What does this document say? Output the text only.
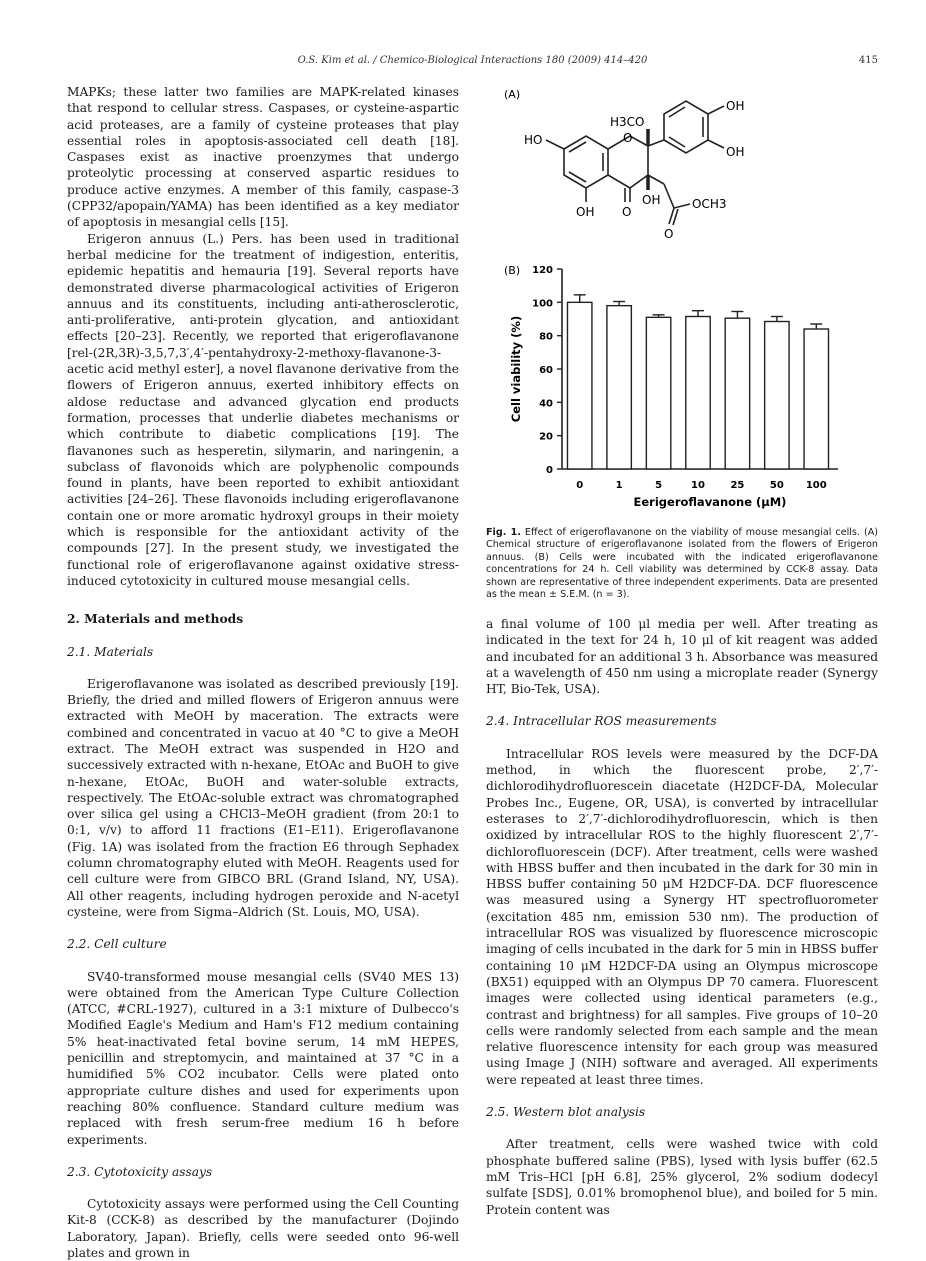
O.S. Kim et al. / Chemico-Biological Interactions 180 (2009) 414–420	415

MAPKs; these latter two families are MAPK-related kinases that respond to cellular stress. Caspases, or cysteine-aspartic acid proteases, are a family of cysteine proteases that play essential roles in apoptosis-associated cell death [18]. Caspases exist as inactive proenzymes that undergo proteolytic processing at conserved aspartic residues to produce active enzymes. A member of this family, caspase-3 (CPP32/apopain/YAMA) has been identified as a key mediator of apoptosis in mesangial cells [15].

Erigeron annuus (L.) Pers. has been used in traditional herbal medicine for the treatment of indigestion, enteritis, epidemic hepatitis and hemauria [19]. Several reports have demonstrated diverse pharmacological activities of Erigeron annuus and its constituents, including anti-atherosclerotic, anti-proliferative, anti-protein glycation, and antioxidant effects [20–23]. Recently, we reported that erigeroflavanone [rel-(2R,3R)-3,5,7,3′,4′-pentahydroxy-2-methoxy-flavanone-3-acetic acid methyl ester], a novel flavanone derivative from the flowers of Erigeron annuus, exerted inhibitory effects on aldose reductase and advanced glycation end products formation, processes that underlie diabetes mechanisms or which contribute to diabetic complications [19]. The flavanones such as hesperetin, silymarin, and naringenin, a subclass of flavonoids which are polyphenolic compounds found in plants, have been reported to exhibit antioxidant activities [24–26]. These flavonoids including erigeroflavanone contain one or more aromatic hydroxyl groups in their moiety which is responsible for the antioxidant activity of the compounds [27]. In the present study, we investigated the functional role of erigeroflavanone against oxidative stress-induced cytotoxicity in cultured mouse mesangial cells.

2. Materials and methods
2.1. Materials

Erigeroflavanone was isolated as described previously [19]. Briefly, the dried and milled flowers of Erigeron annuus were extracted with MeOH by maceration. The extracts were combined and concentrated in vacuo at 40 °C to give a MeOH extract. The MeOH extract was suspended in H2O and successively extracted with n-hexane, EtOAc and BuOH to give n-hexane, EtOAc, BuOH and water-soluble extracts, respectively. The EtOAc-soluble extract was chromatographed over silica gel using a CHCl3–MeOH gradient (from 20:1 to 0:1, v/v) to afford 11 fractions (E1–E11). Erigeroflavanone (Fig. 1A) was isolated from the fraction E6 through Sephadex column chromatography eluted with MeOH. Reagents used for cell culture were from GIBCO BRL (Grand Island, NY, USA). All other reagents, including hydrogen peroxide and N-acetyl cysteine, were from Sigma–Aldrich (St. Louis, MO, USA).

2.2. Cell culture

SV40-transformed mouse mesangial cells (SV40 MES 13) were obtained from the American Type Culture Collection (ATCC, #CRL-1927), cultured in a 3:1 mixture of Dulbecco's Modified Eagle's Medium and Ham's F12 medium containing 5% heat-inactivated fetal bovine serum, 14 mM HEPES, penicillin and streptomycin, and maintained at 37 °C in a humidified 5% CO2 incubator. Cells were plated onto appropriate culture dishes and used for experiments upon reaching 80% confluence. Standard culture medium was replaced with fresh serum-free medium 16 h before experiments.

2.3. Cytotoxicity assays

Cytotoxicity assays were performed using the Cell Counting Kit-8 (CCK-8) as described by the manufacturer (Dojindo Laboratory, Japan). Briefly, cells were seeded onto 96-well plates and grown in

(A)
OH
OH
HO
H3CO
OH
O
OH
O
OCH3
O
(B)
0
20
40
60
80
100
120
Cell viability (%)
0	1	5	10	25	50 100
Eerigeroflavanone (μM)
Fig. 1. Effect of erigeroflavanone on the viability of mouse mesangial cells. (A) Chemical structure of erigeroflavanone isolated from the flowers of Erigeron annuus. (B) Cells were incubated with the indicated erigeroflavanone concentrations for 24 h. Cell viability was determined by CCK-8 assay. Data shown are representative of three independent experiments. Data are presented as the mean ± S.E.M. (n = 3).

a final volume of 100 μl media per well. After treating as indicated in the text for 24 h, 10 μl of kit reagent was added and incubated for an additional 3 h. Absorbance was measured at a wavelength of 450 nm using a microplate reader (Synergy HT, Bio-Tek, USA).

2.4. Intracellular ROS measurements

Intracellular ROS levels were measured by the DCF-DA method, in which the fluorescent probe, 2′,7′-dichlorodihydrofluorescein diacetate (H2DCF-DA, Molecular Probes Inc., Eugene, OR, USA), is converted by intracellular esterases to 2′,7′-dichlorodihydrofluorescin, which is then oxidized by intracellular ROS to the highly fluorescent 2′,7′-dichlorofluorescein (DCF). After treatment, cells were washed with HBSS buffer and then incubated in the dark for 30 min in HBSS buffer containing 50 μM H2DCF-DA. DCF fluorescence was measured using a Synergy HT spectrofluorometer (excitation 485 nm, emission 530 nm). The production of intracellular ROS was visualized by fluorescence microscopic imaging of cells incubated in the dark for 5 min in HBSS buffer containing 10 μM H2DCF-DA using an Olympus microscope (BX51) equipped with an Olympus DP 70 camera. Fluorescent images were collected using identical parameters (e.g., contrast and brightness) for all samples. Five groups of 10–20 cells were randomly selected from each sample and the mean relative fluorescence intensity for each group was measured using Image J (NIH) software and averaged. All experiments were repeated at least three times.

2.5. Western blot analysis

After treatment, cells were washed twice with cold phosphate buffered saline (PBS), lysed with lysis buffer (62.5 mM Tris–HCl [pH 6.8], 25% glycerol, 2% sodium dodecyl sulfate [SDS], 0.01% bromophenol blue), and boiled for 5 min. Protein content was
